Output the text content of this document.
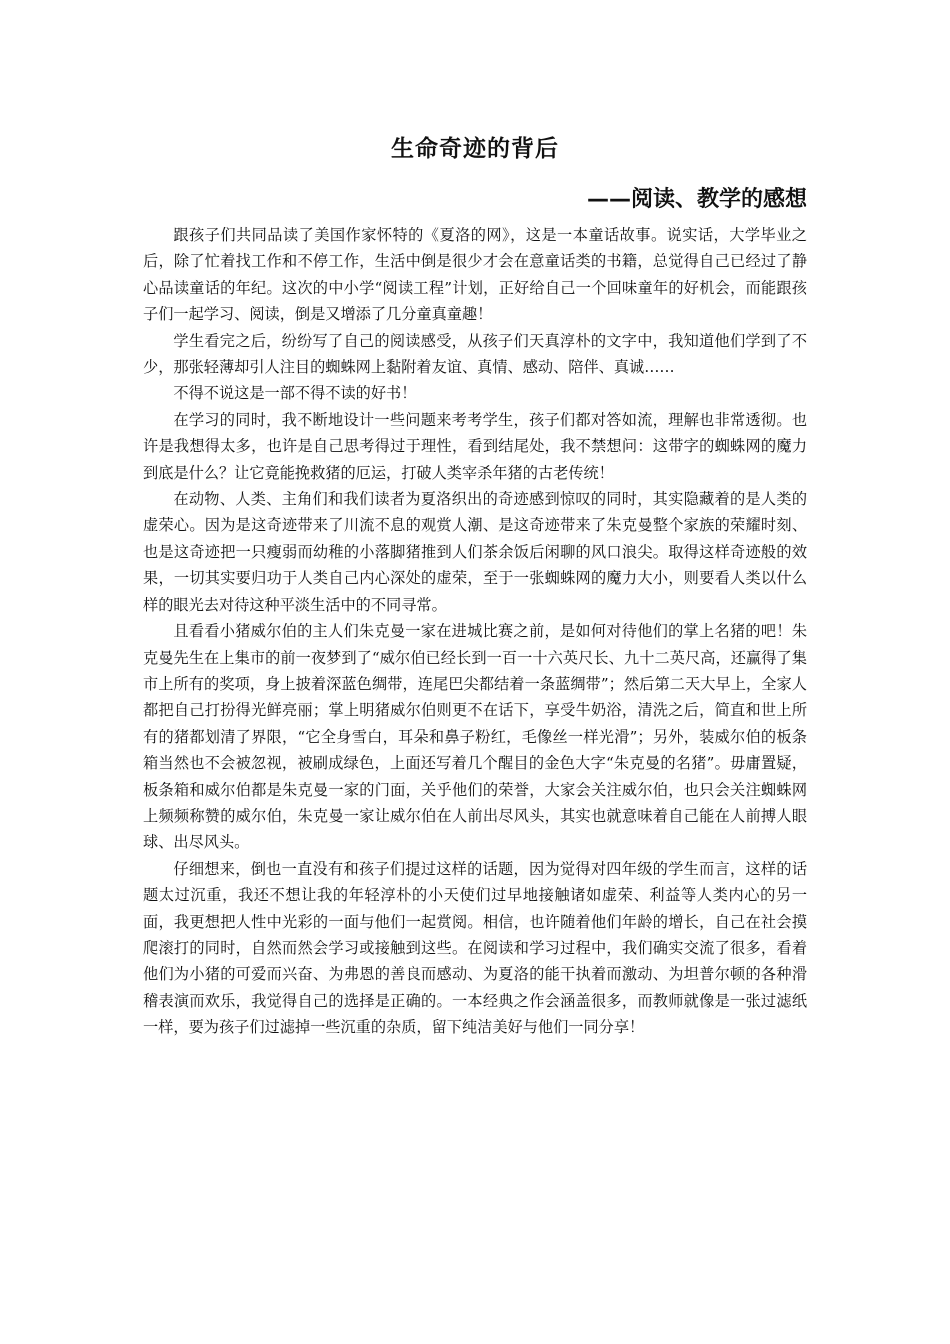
生命奇迹的背后
——阅读、教学的感想

跟孩子们共同品读了美国作家怀特的《夏洛的网》，这是一本童话故事。说实话，大学毕业之后，除了忙着找工作和不停工作，生活中倒是很少才会在意童话类的书籍，总觉得自己已经过了静心品读童话的年纪。这次的中小学“阅读工程”计划，正好给自己一个回味童年的好机会，而能跟孩子们一起学习、阅读，倒是又增添了几分童真童趣！

学生看完之后，纷纷写了自己的阅读感受，从孩子们天真淳朴的文字中，我知道他们学到了不少，那张轻薄却引人注目的蜘蛛网上黏附着友谊、真情、感动、陪伴、真诚……

不得不说这是一部不得不读的好书！

在学习的同时，我不断地设计一些问题来考考学生，孩子们都对答如流，理解也非常透彻。也许是我想得太多，也许是自己思考得过于理性，看到结尾处，我不禁想问：这带字的蜘蛛网的魔力到底是什么？让它竟能挽救猪的厄运，打破人类宰杀年猪的古老传统！

在动物、人类、主角们和我们读者为夏洛织出的奇迹感到惊叹的同时，其实隐藏着的是人类的虚荣心。因为是这奇迹带来了川流不息的观赏人潮、是这奇迹带来了朱克曼整个家族的荣耀时刻、也是这奇迹把一只瘦弱而幼稚的小落脚猪推到人们茶余饭后闲聊的风口浪尖。取得这样奇迹般的效果，一切其实要归功于人类自己内心深处的虚荣，至于一张蜘蛛网的魔力大小，则要看人类以什么样的眼光去对待这种平淡生活中的不同寻常。

且看看小猪威尔伯的主人们朱克曼一家在进城比赛之前，是如何对待他们的掌上名猪的吧！朱克曼先生在上集市的前一夜梦到了“威尔伯已经长到一百一十六英尺长、九十二英尺高，还赢得了集市上所有的奖项，身上披着深蓝色绸带，连尾巴尖都结着一条蓝绸带”；然后第二天大早上，全家人都把自己打扮得光鲜亮丽；掌上明猪威尔伯则更不在话下，享受牛奶浴，清洗之后，简直和世上所有的猪都划清了界限，“它全身雪白，耳朵和鼻子粉红，毛像丝一样光滑”；另外，装威尔伯的板条箱当然也不会被忽视，被刷成绿色，上面还写着几个醒目的金色大字“朱克曼的名猪”。毋庸置疑，板条箱和威尔伯都是朱克曼一家的门面，关乎他们的荣誉，大家会关注威尔伯，也只会关注蜘蛛网上频频称赞的威尔伯，朱克曼一家让威尔伯在人前出尽风头，其实也就意味着自己能在人前搏人眼球、出尽风头。

仔细想来，倒也一直没有和孩子们提过这样的话题，因为觉得对四年级的学生而言，这样的话题太过沉重，我还不想让我的年轻淳朴的小天使们过早地接触诸如虚荣、利益等人类内心的另一面，我更想把人性中光彩的一面与他们一起赏阅。相信，也许随着他们年龄的增长，自己在社会摸爬滚打的同时，自然而然会学习或接触到这些。在阅读和学习过程中，我们确实交流了很多，看着他们为小猪的可爱而兴奋、为弗恩的善良而感动、为夏洛的能干执着而激动、为坦普尔顿的各种滑稽表演而欢乐，我觉得自己的选择是正确的。一本经典之作会涵盖很多，而教师就像是一张过滤纸一样，要为孩子们过滤掉一些沉重的杂质，留下纯洁美好与他们一同分享！
